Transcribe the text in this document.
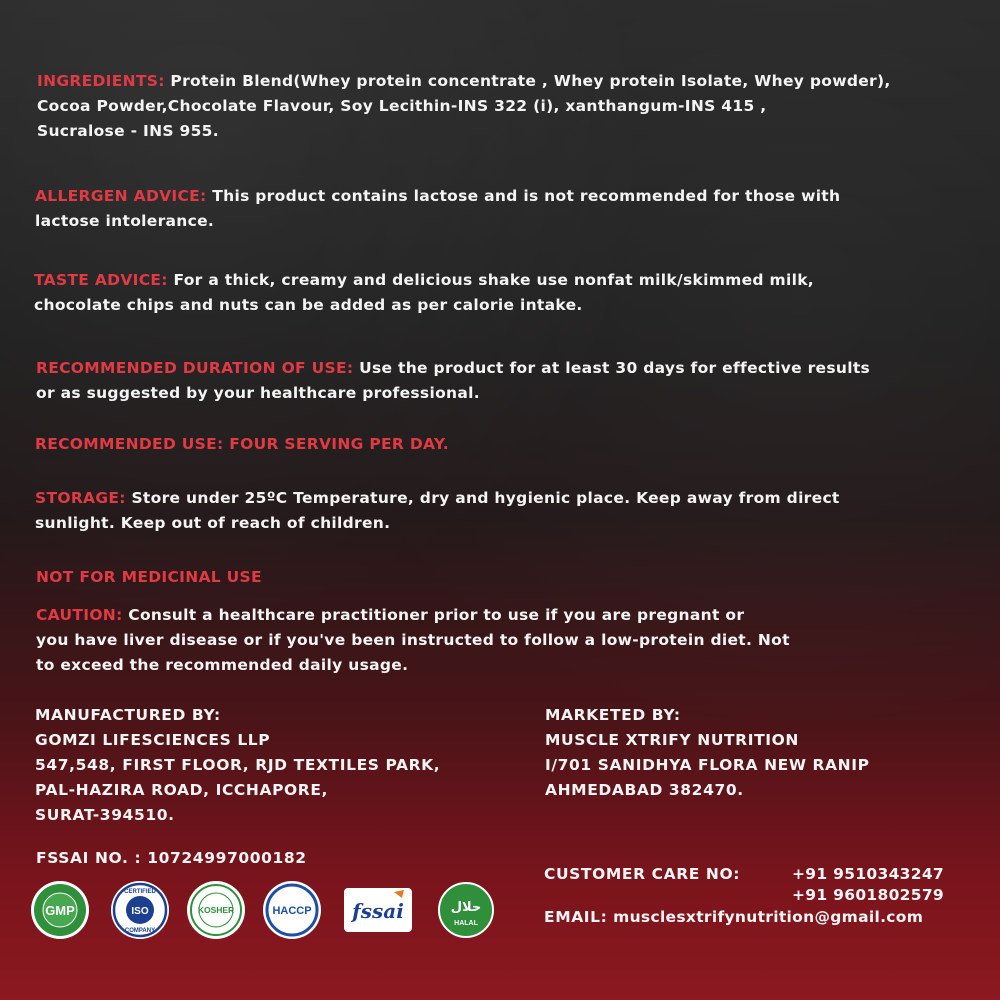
INGREDIENTS: Protein Blend(Whey protein concentrate , Whey protein Isolate, Whey powder),
Cocoa Powder,Chocolate Flavour, Soy Lecithin-INS 322 (i), xanthangum-INS 415 ,
Sucralose - INS 955.
ALLERGEN ADVICE: This product contains lactose and is not recommended for those with
lactose intolerance.
TASTE ADVICE: For a thick, creamy and delicious shake use nonfat milk/skimmed milk,
chocolate chips and nuts can be added as per calorie intake.
RECOMMENDED DURATION OF USE: Use the product for at least 30 days for effective results
or as suggested by your healthcare professional.
RECOMMENDED USE: FOUR SERVING PER DAY.
STORAGE: Store under 25ºC Temperature, dry and hygienic place. Keep away from direct
sunlight. Keep out of reach of children.
NOT FOR MEDICINAL USE
CAUTION: Consult a healthcare practitioner prior to use if you are pregnant or
you have liver disease or if you've been instructed to follow a low-protein diet. Not
to exceed the recommended daily usage.
MANUFACTURED BY:
GOMZI LIFESCIENCES LLP
547,548, FIRST FLOOR, RJD TEXTILES PARK,
PAL-HAZIRA ROAD, ICCHAPORE,
SURAT-394510.
MARKETED BY:
MUSCLE XTRIFY NUTRITION
I/701 SANIDHYA FLORA NEW RANIP
AHMEDABAD 382470.
FSSAI NO. : 10724997000182
CUSTOMER CARE NO:	+91 9510343247
+91 9601802579
EMAIL: musclesxtrifynutrition@gmail.com
GMP	ISO
CERTIFIED
COMPANY
KOSHER	HACCP fssai	حلال
HALAL
